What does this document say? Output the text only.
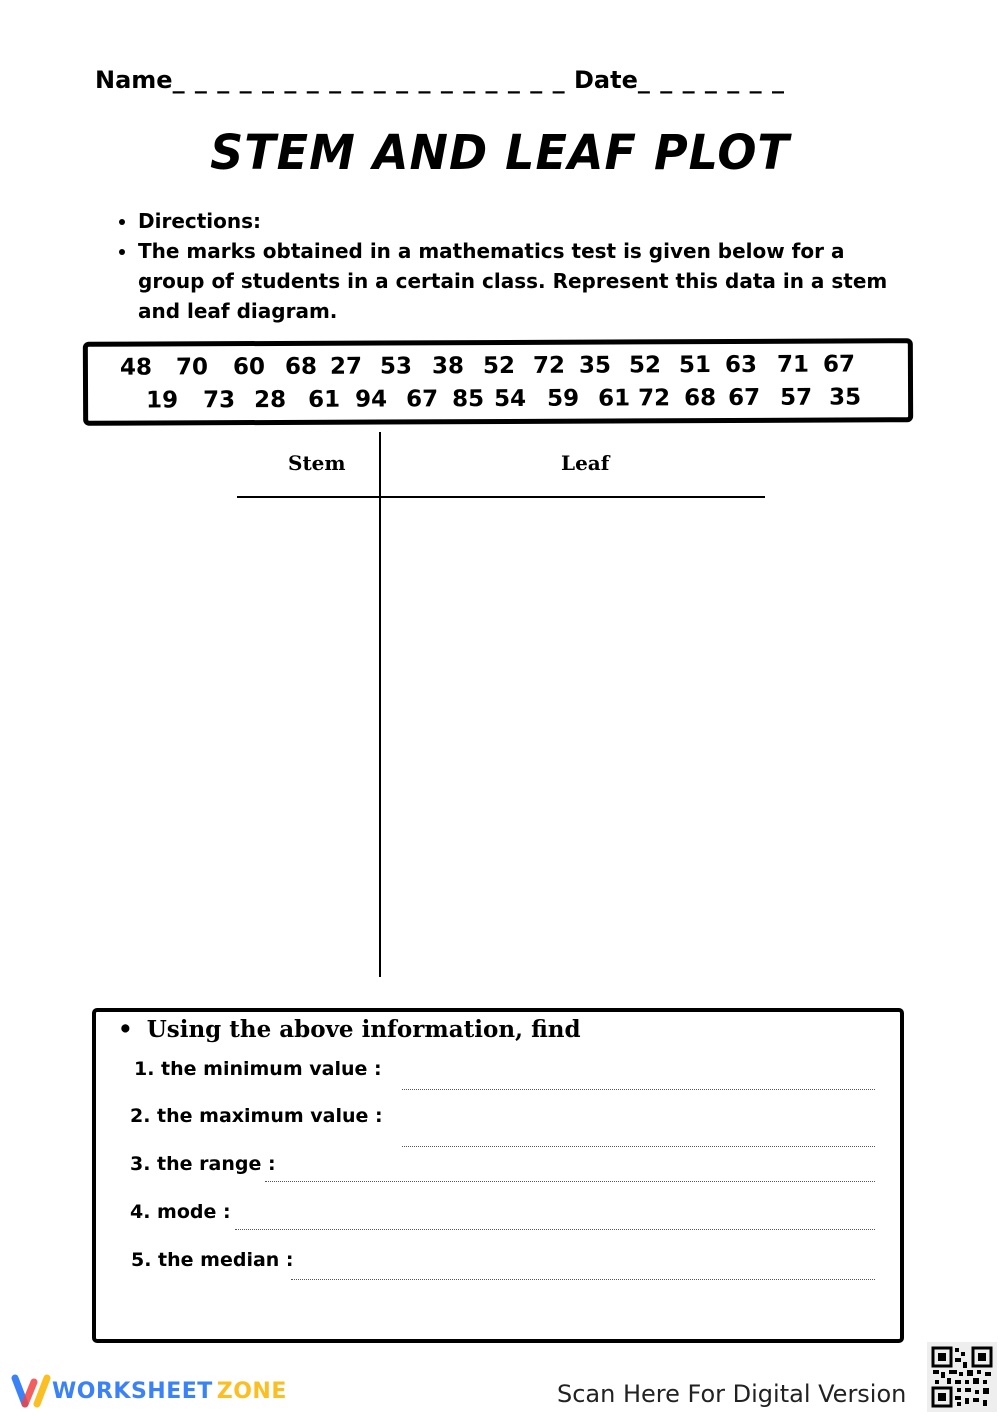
Name_ _ _ _ _ _ _ _ _ _ _ _ _ _ _ _ _ _ Date_ _ _ _ _ _ _
STEM AND LEAF PLOT
• Directions:
• The marks obtained in a mathematics test is given below for a group of students in a certain class. Represent this data in a stem and leaf diagram.
48 70 60 68 27 53 38 52 72 35 52 51 63 71 67
19 73 28 61 94 67 85 54 59 61 72 68 67 57 35
Stem	Leaf
• Using the above information, find
1. the minimum value :
2. the maximum value :
3. the range :
4. mode :
5. the median :
WORKSHEET ZONE	Scan Here For Digital Version
